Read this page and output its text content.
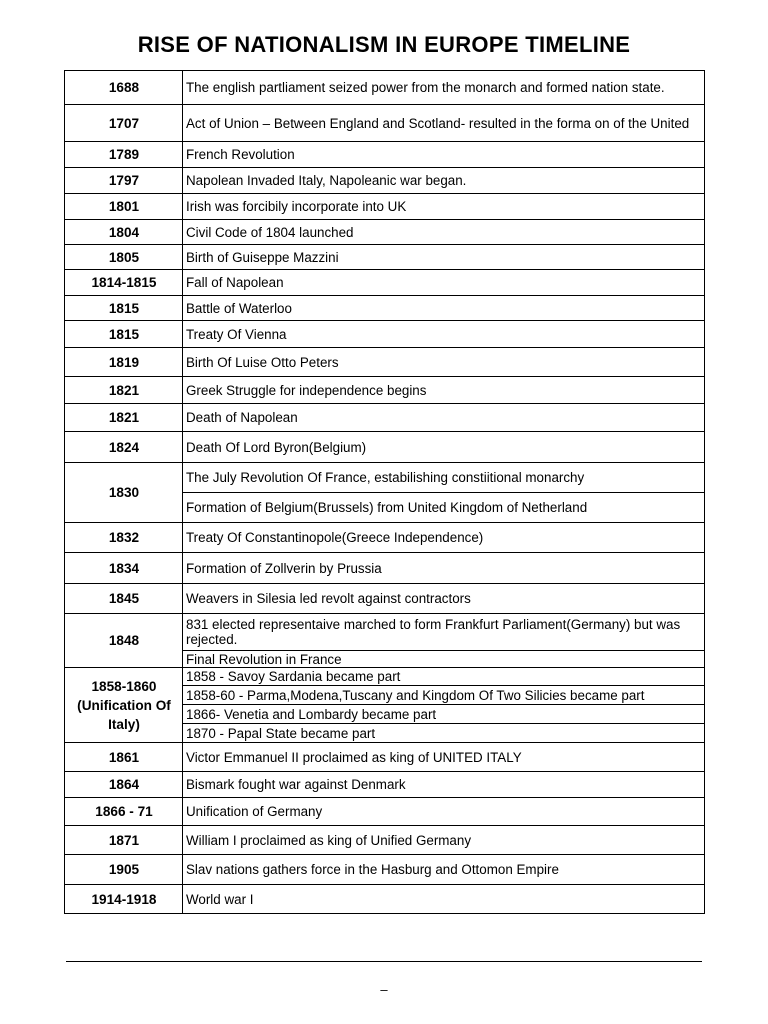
RISE OF NATIONALISM IN EUROPE TIMELINE
1688	The english partliament seized power from the monarch and formed nation state.
1707	Act of Union – Between England and Scotland- resulted in the forma on of the United
1789	French Revolution
1797	Napolean Invaded Italy, Napoleanic war began.
1801	Irish was forcibily incorporate into UK
1804	Civil Code of 1804 launched
1805	Birth of Guiseppe Mazzini
1814-1815	Fall of Napolean
1815	Battle of Waterloo
1815	Treaty Of Vienna
1819	Birth Of Luise Otto Peters
1821	Greek Struggle for independence begins
1821	Death of Napolean
1824	Death Of Lord Byron(Belgium)
1830	The July Revolution Of France, estabilishing constiitional monarchy
	Formation of Belgium(Brussels) from United Kingdom of Netherland
1832	Treaty Of Constantinopole(Greece Independence)
1834	Formation of Zollverin by Prussia
1845	Weavers in Silesia led revolt against contractors
1848	831 elected representaive marched to form Frankfurt Parliament(Germany) but was rejected.
	Final Revolution in France
1858-1860 (Unification Of Italy)	1858 - Savoy Sardania became part
	1858-60 - Parma,Modena,Tuscany and Kingdom Of Two Silicies became part
	1866- Venetia and Lombardy became part
	1870 - Papal State became part
1861	Victor Emmanuel II proclaimed as king of UNITED ITALY
1864	Bismark fought war against Denmark
1866 - 71	Unification of Germany
1871	William I proclaimed as king of Unified Germany
1905	Slav nations gathers force in the Hasburg and Ottomon Empire
1914-1918	World war I
–
